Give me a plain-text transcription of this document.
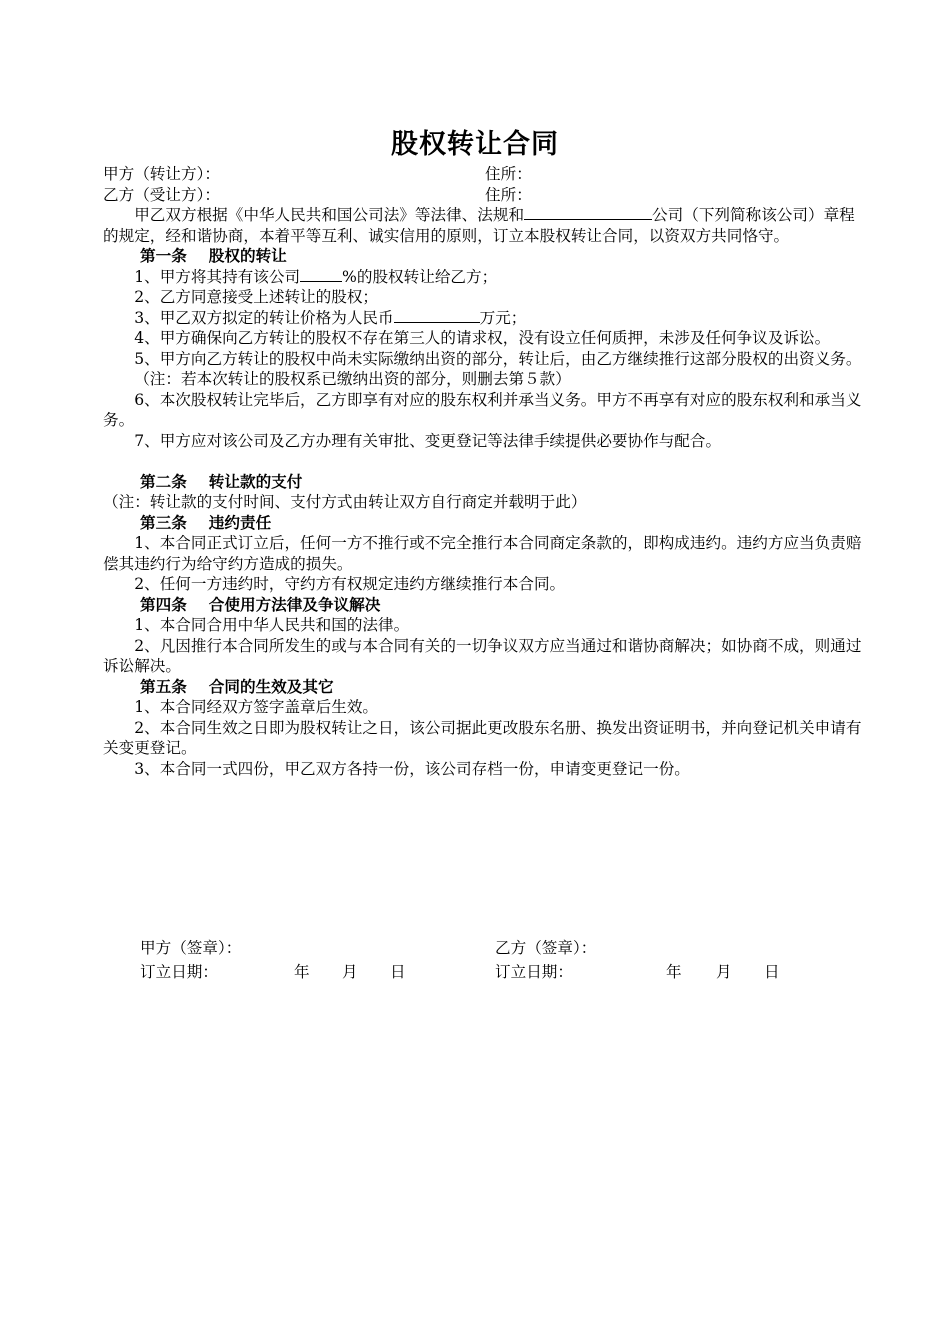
股权转让合同
甲方（转让方）：	住所：
乙方（受让方）：	住所：

甲乙双方根据《中华人民共和国公司法》等法律、法规和	公司（下列简称该公司）章程的规定，经和谐协商，本着平等互利、诚实信用的原则，订立本股权转让合同，以资双方共同恪守。

第一条 股权的转让

1、甲方将其持有该公司	%的股权转让给乙方；

2、乙方同意接受上述转让的股权；

3、甲乙双方拟定的转让价格为人民币	万元；

4、甲方确保向乙方转让的股权不存在第三人的请求权，没有设立任何质押，未涉及任何争议及诉讼。

5、甲方向乙方转让的股权中尚未实际缴纳出资的部分，转让后，由乙方继续推行这部分股权的出资义务。

（注：若本次转让的股权系已缴纳出资的部分，则删去第５款）

6、本次股权转让完毕后，乙方即享有对应的股东权利并承当义务。甲方不再享有对应的股东权利和承当义务。

7、甲方应对该公司及乙方办理有关审批、变更登记等法律手续提供必要协作与配合。

第二条 转让款的支付

（注：转让款的支付时间、支付方式由转让双方自行商定并载明于此）

第三条 违约责任

1、本合同正式订立后，任何一方不推行或不完全推行本合同商定条款的，即构成违约。违约方应当负责赔偿其违约行为给守约方造成的损失。

2、任何一方违约时，守约方有权规定违约方继续推行本合同。

第四条 合使用方法律及争议解决

1、本合同合用中华人民共和国的法律。

2、凡因推行本合同所发生的或与本合同有关的一切争议双方应当通过和谐协商解决；如协商不成，则通过诉讼解决。

第五条 合同的生效及其它

1、本合同经双方签字盖章后生效。

2、本合同生效之日即为股权转让之日，该公司据此更改股东名册、换发出资证明书，并向登记机关申请有关变更登记。

3、本合同一式四份，甲乙双方各持一份，该公司存档一份，申请变更登记一份。

甲方（签章）：	乙方（签章）：
订立日期：	年 月 日	订立日期：	年 月 日
